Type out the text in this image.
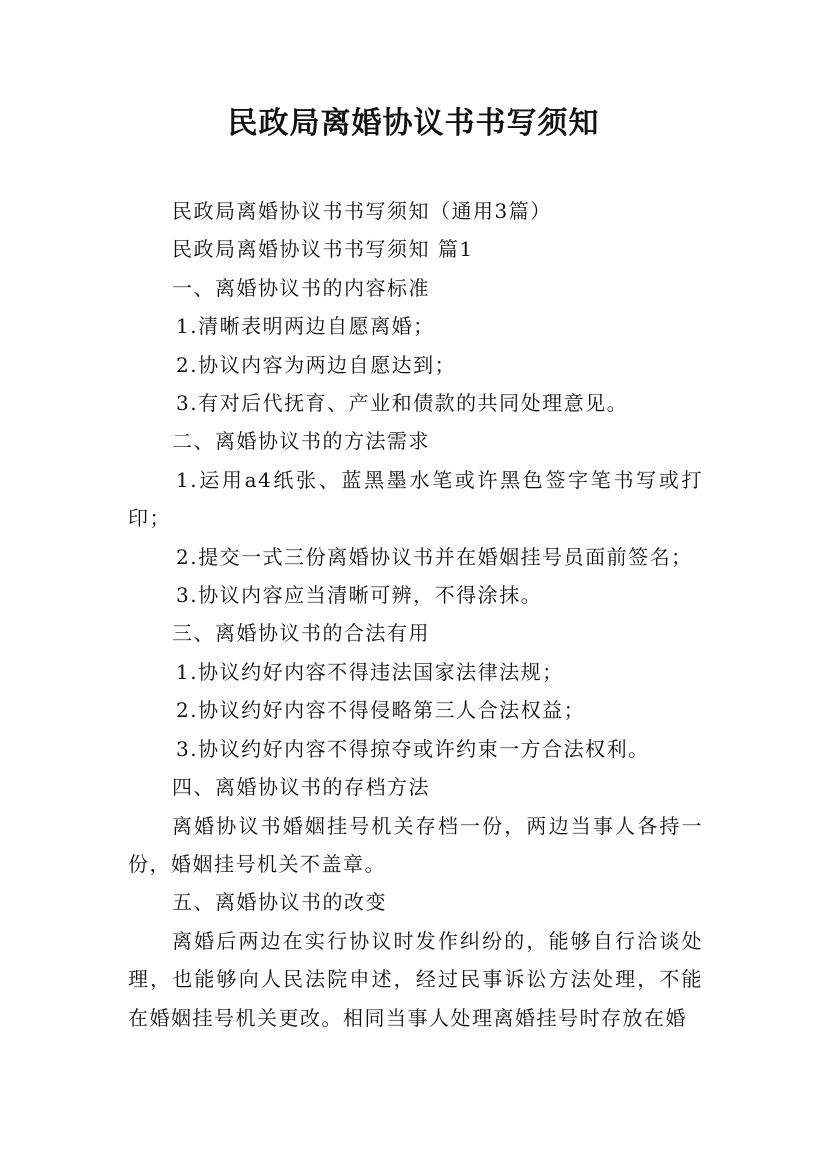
民政局离婚协议书书写须知

民政局离婚协议书书写须知（通用3篇）

民政局离婚协议书书写须知 篇1

一、离婚协议书的内容标准

1.清晰表明两边自愿离婚；

2.协议内容为两边自愿达到；

3.有对后代抚育、产业和债款的共同处理意见。

二、离婚协议书的方法需求

1.运用a4纸张、蓝黑墨水笔或许黑色签字笔书写或打印；

2.提交一式三份离婚协议书并在婚姻挂号员面前签名；

3.协议内容应当清晰可辨，不得涂抹。

三、离婚协议书的合法有用

1.协议约好内容不得违法国家法律法规；

2.协议约好内容不得侵略第三人合法权益；

3.协议约好内容不得掠夺或许约束一方合法权利。

四、离婚协议书的存档方法

离婚协议书婚姻挂号机关存档一份，两边当事人各持一份，婚姻挂号机关不盖章。

五、离婚协议书的改变

离婚后两边在实行协议时发作纠纷的，能够自行洽谈处理，也能够向人民法院申述，经过民事诉讼方法处理，不能在婚姻挂号机关更改。相同当事人处理离婚挂号时存放在婚
